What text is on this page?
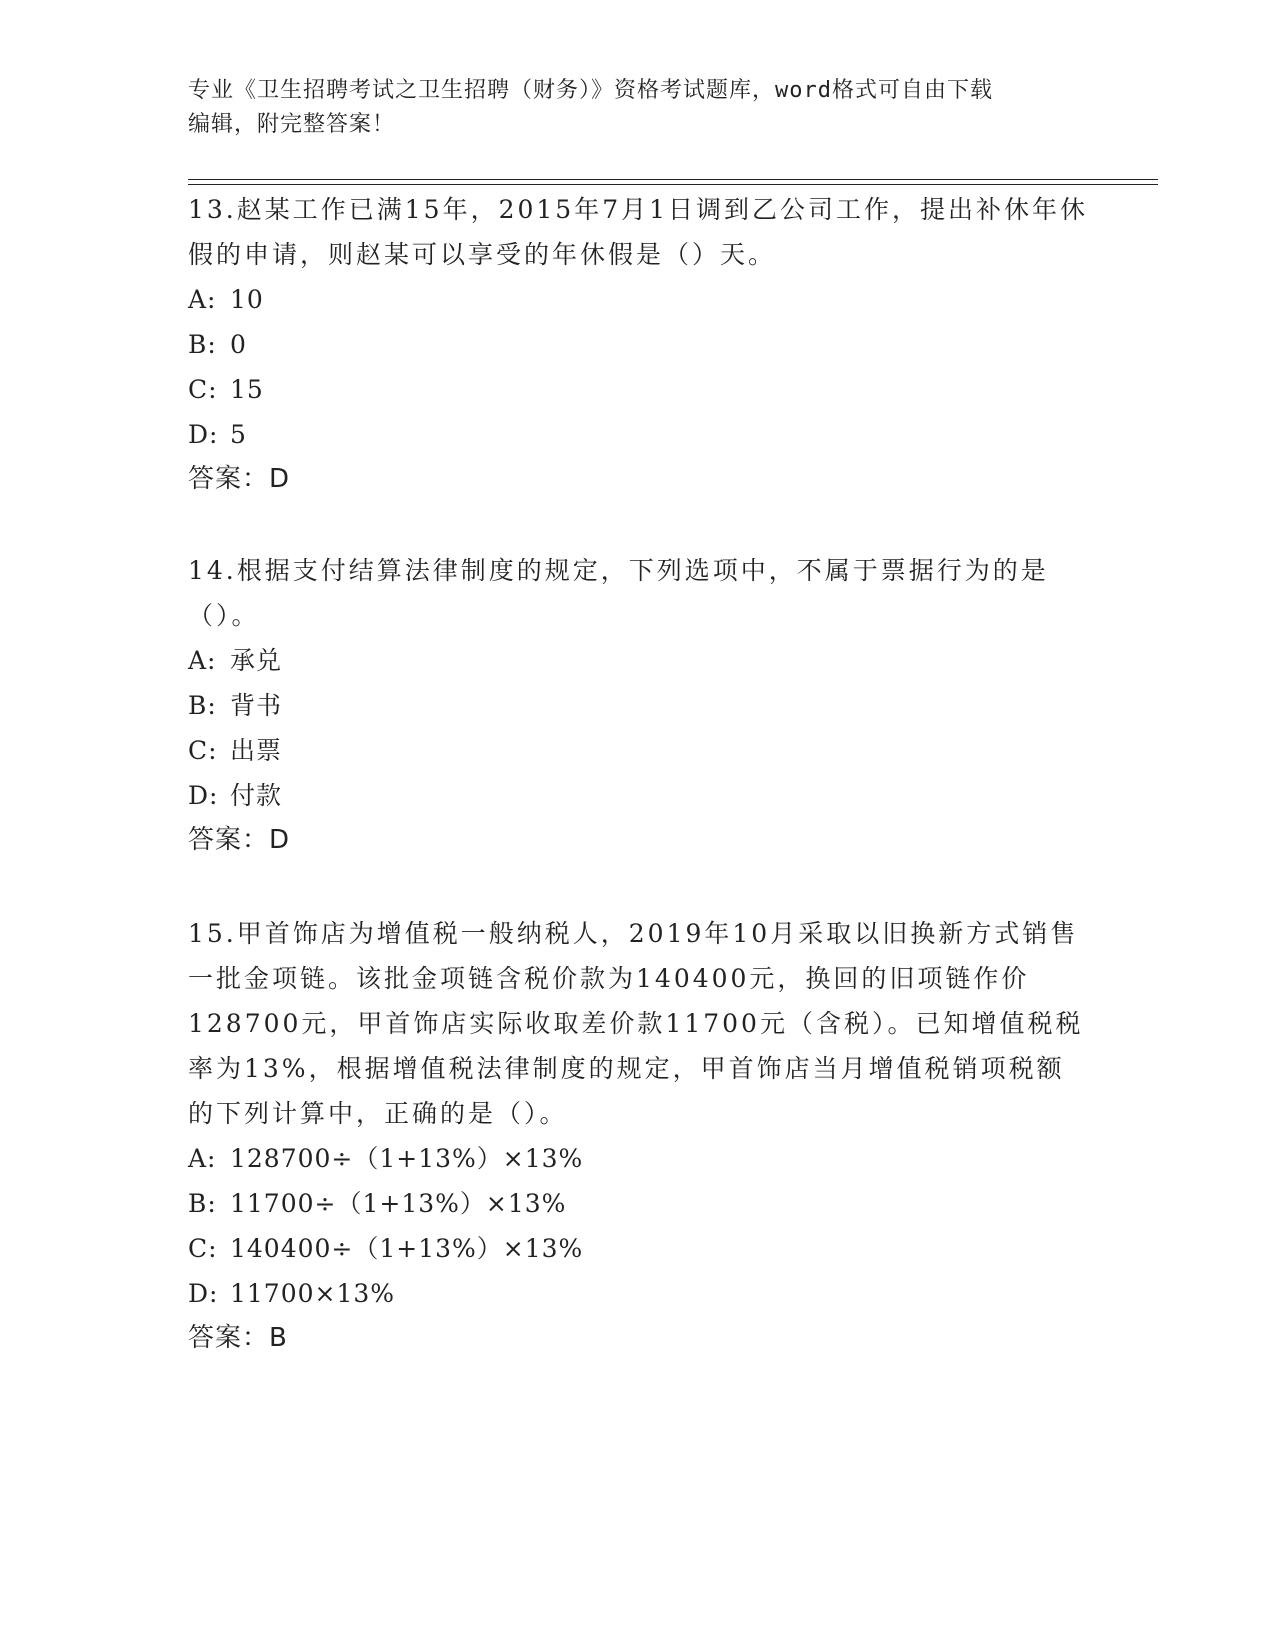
专业《卫生招聘考试之卫生招聘（财务）》资格考试题库，word格式可自由下载
编辑，附完整答案！
13.赵某工作已满15年，2015年7月1日调到乙公司工作，提出补休年休假的申请，则赵某可以享受的年休假是（）天。
A: 10
B: 0
C: 15
D: 5
答案：D
14.根据支付结算法律制度的规定，下列选项中，不属于票据行为的是（）。
A: 承兑
B: 背书
C: 出票
D: 付款
答案：D
15.甲首饰店为增值税一般纳税人，2019年10月采取以旧换新方式销售一批金项链。该批金项链含税价款为140400元，换回的旧项链作价128700元，甲首饰店实际收取差价款11700元（含税）。已知增值税税率为13%，根据增值税法律制度的规定，甲首饰店当月增值税销项税额的下列计算中，正确的是（）。
A: 128700÷（1+13%）×13%
B: 11700÷（1+13%）×13%
C: 140400÷（1+13%）×13%
D: 11700×13%
答案：B
